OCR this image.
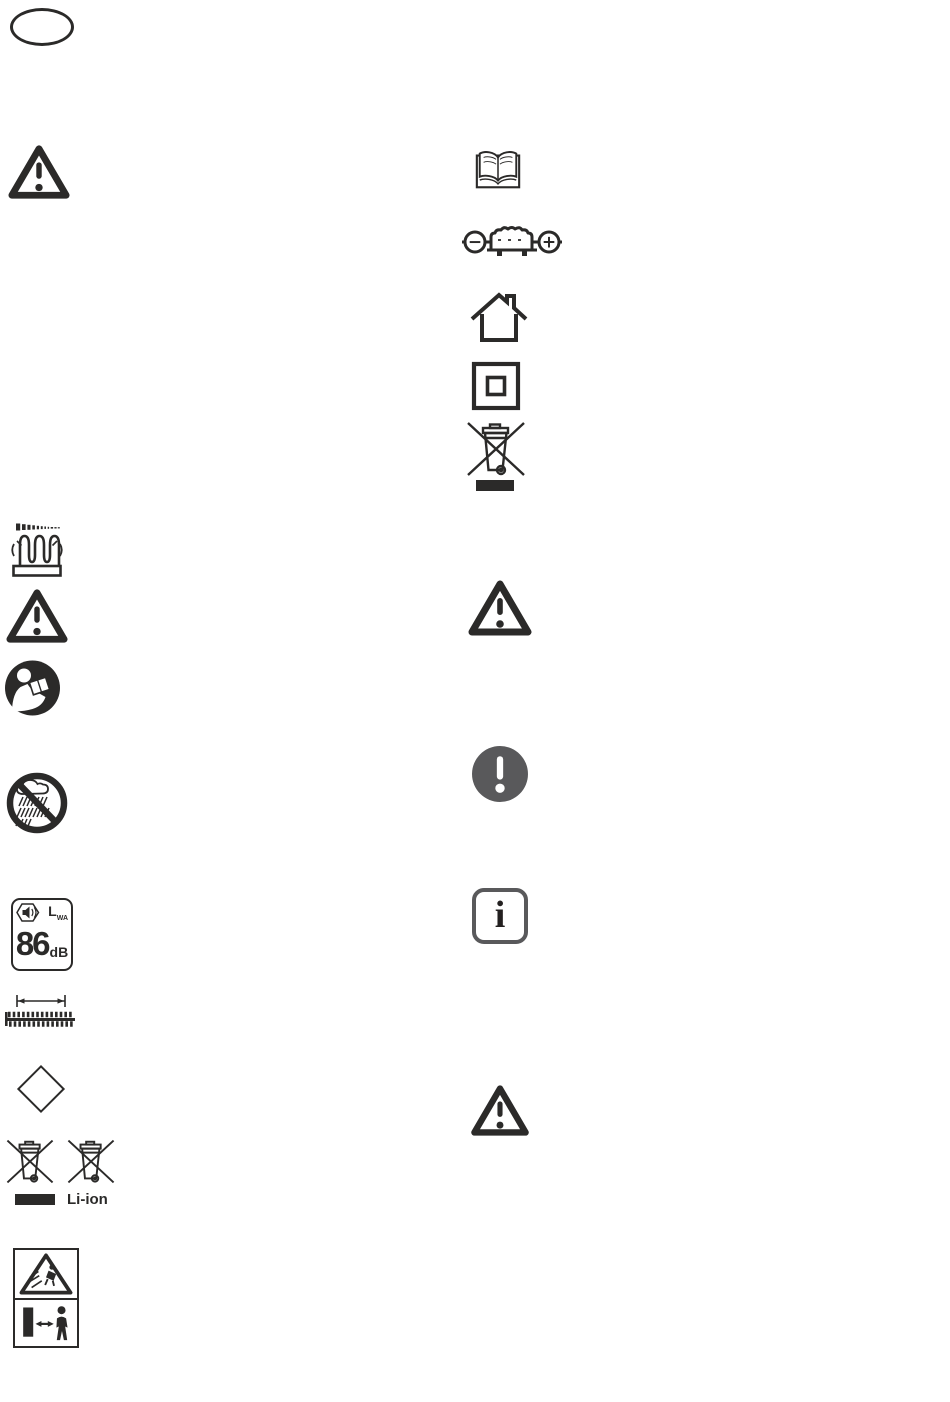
$L_{WA}$
86 dB
Li-ion
−	+
i
